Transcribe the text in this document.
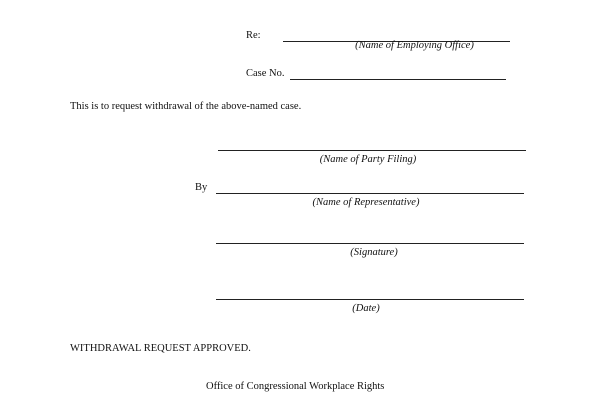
Re:
(Name of Employing Office)
Case No.
This is to request withdrawal of the above-named case.
(Name of Party Filing)
By
(Name of Representative)
(Signature)
(Date)
WITHDRAWAL REQUEST APPROVED.
Office of Congressional Workplace Rights
